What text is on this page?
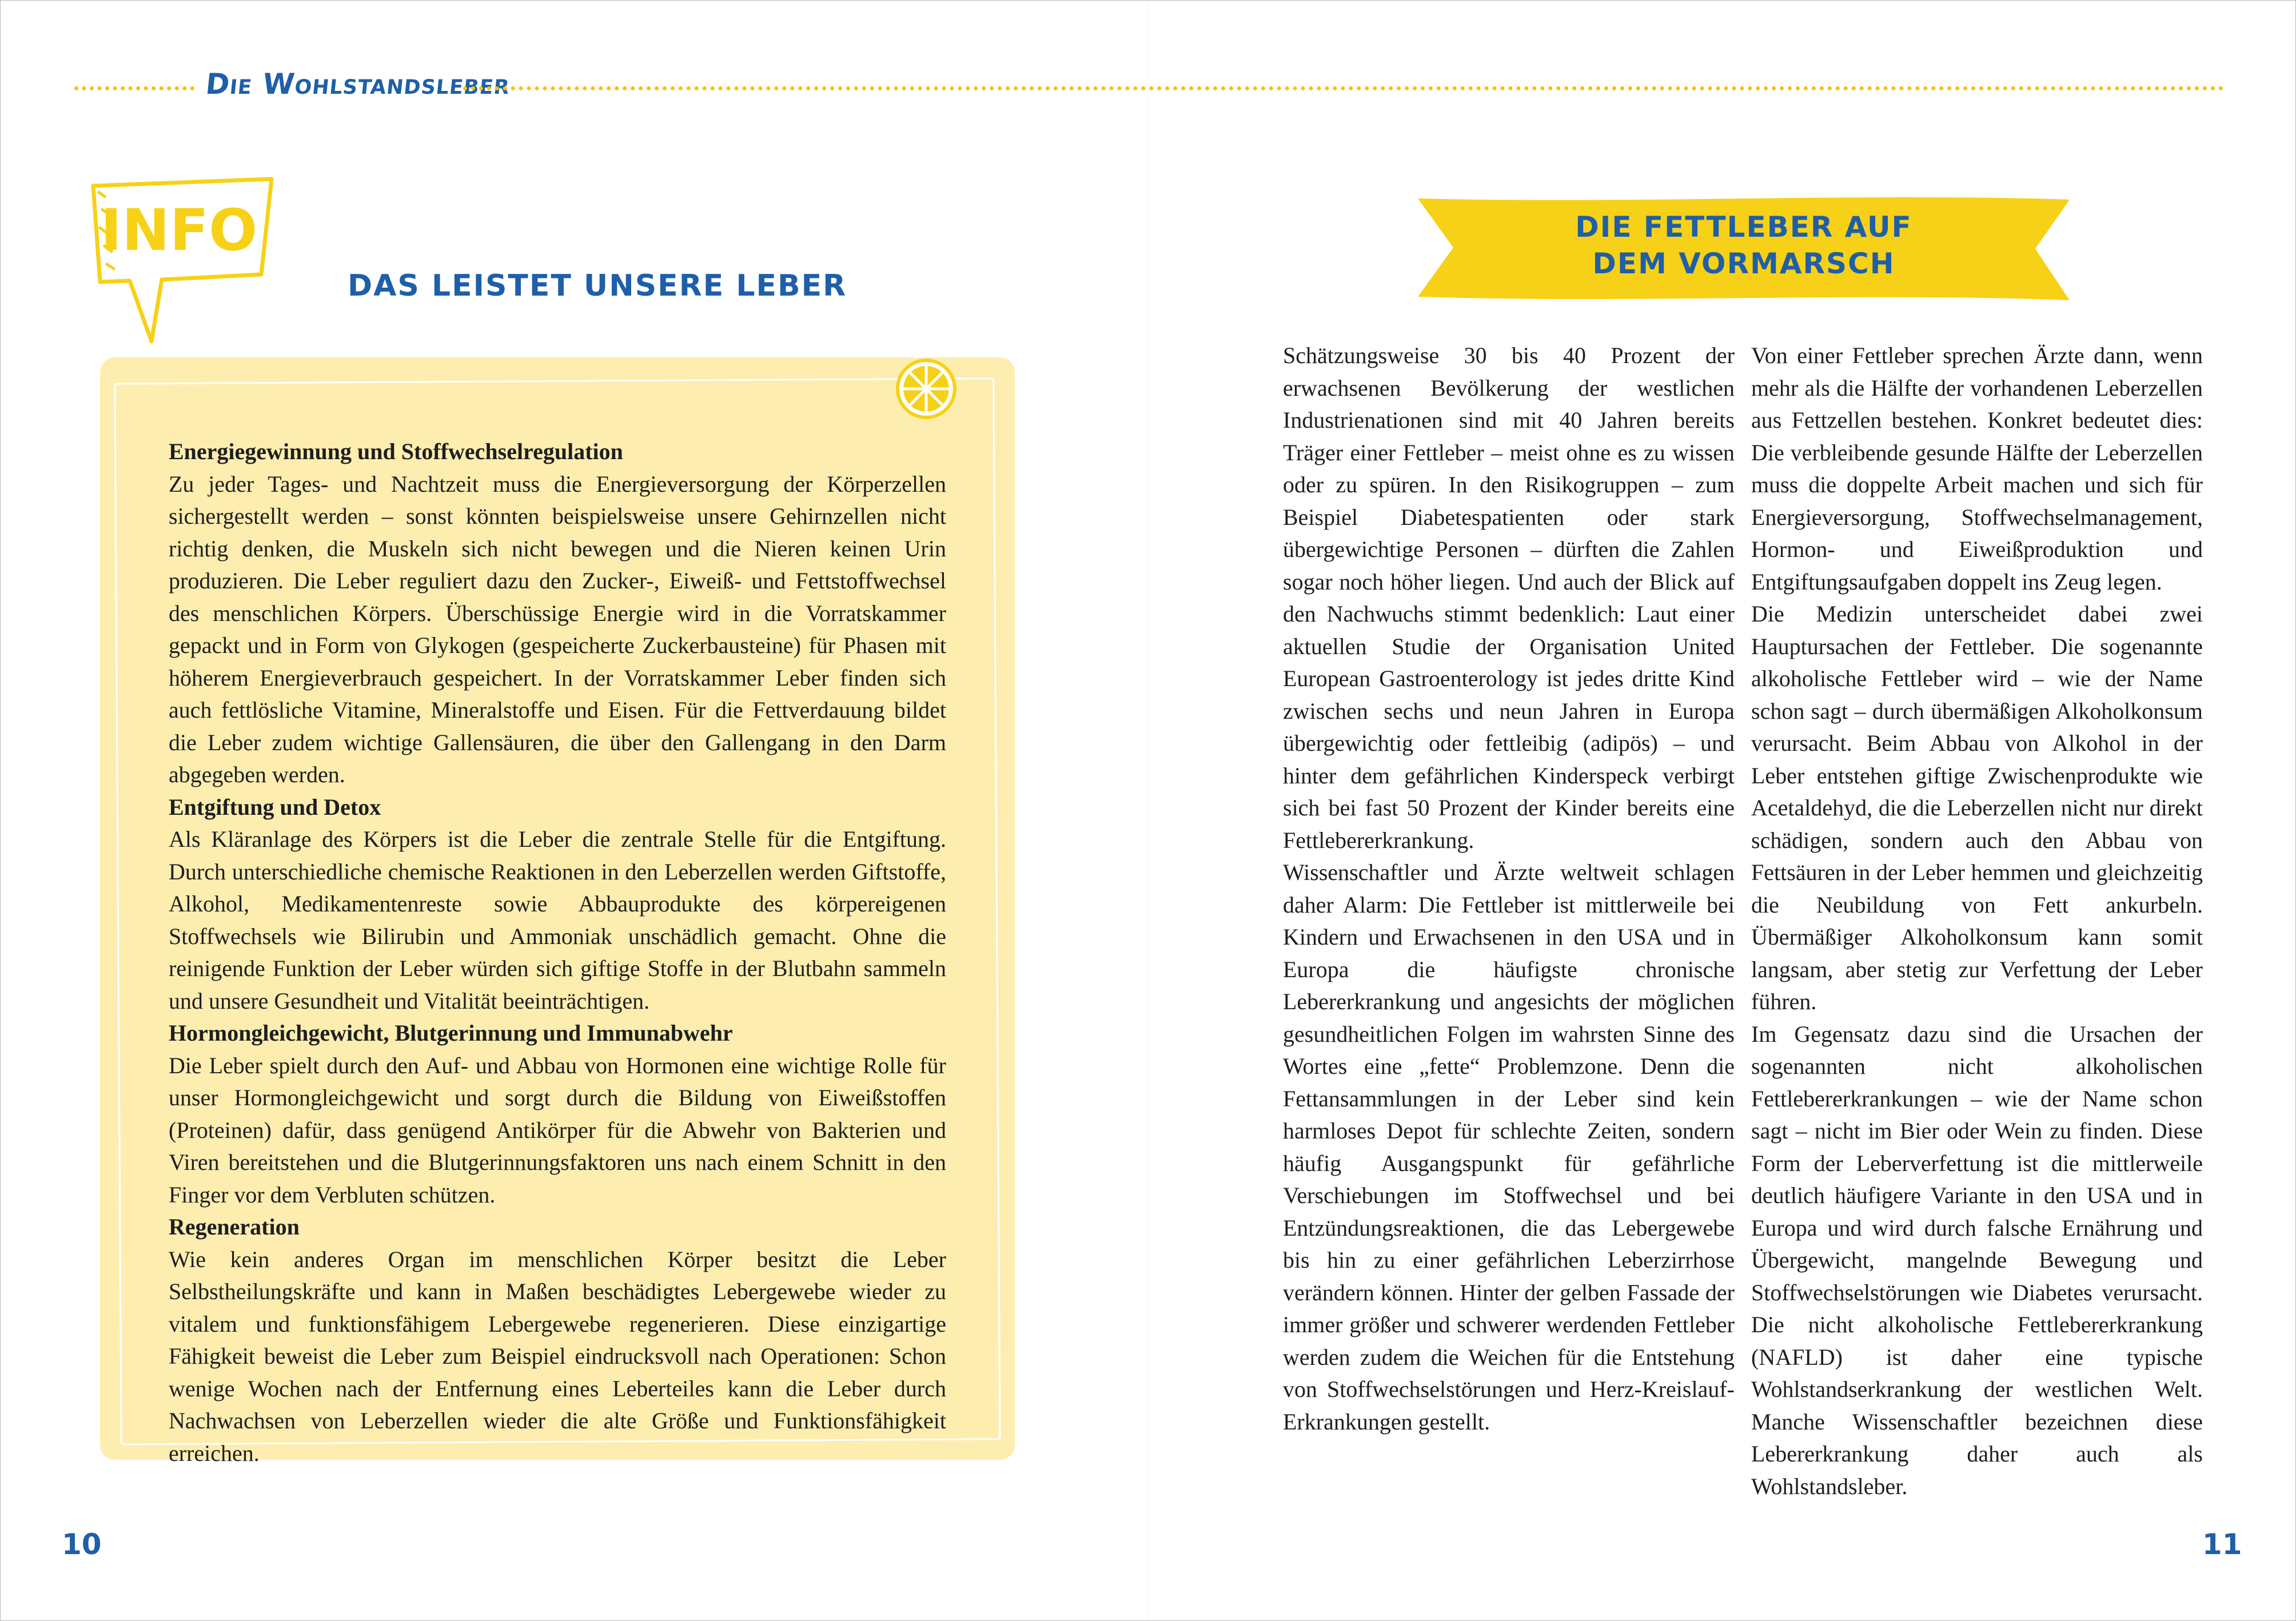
Die Wohlstandsleber
INFO
DAS LEISTET UNSERE LEBER

Energiegewinnung und Stoffwechselregulation

Zu jeder Tages- und Nachtzeit muss die Energieversorgung der Körperzellen sichergestellt werden – sonst könnten beispielsweise unsere Gehirnzellen nicht richtig denken, die Muskeln sich nicht bewegen und die Nieren keinen Urin produzieren. Die Leber reguliert dazu den Zucker-, Eiweiß- und Fettstoffwechsel des menschlichen Körpers. Überschüssige Energie wird in die Vorratskammer gepackt und in Form von Glykogen (gespeicherte Zuckerbausteine) für Phasen mit höherem Energieverbrauch gespeichert. In der Vorratskammer Leber finden sich auch fettlösliche Vitamine, Mineralstoffe und Eisen. Für die Fettverdauung bildet die Leber zudem wichtige Gallensäuren, die über den Gallengang in den Darm abgegeben werden.

Entgiftung und Detox

Als Kläranlage des Körpers ist die Leber die zentrale Stelle für die Entgiftung. Durch unterschiedliche chemische Reaktionen in den Leberzellen werden Giftstoffe, Alkohol, Medikamentenreste sowie Abbauprodukte des körpereigenen Stoffwechsels wie Bilirubin und Ammoniak unschädlich gemacht. Ohne die reinigende Funktion der Leber würden sich giftige Stoffe in der Blutbahn sammeln und unsere Gesundheit und Vitalität beeinträchtigen.

Hormongleichgewicht, Blutgerinnung und Immunabwehr

Die Leber spielt durch den Auf- und Abbau von Hormonen eine wichtige Rolle für unser Hormongleichgewicht und sorgt durch die Bildung von Eiweißstoffen (Proteinen) dafür, dass genügend Antikörper für die Abwehr von Bakterien und Viren bereitstehen und die Blutgerinnungsfaktoren uns nach einem Schnitt in den Finger vor dem Verbluten schützen.

Regeneration

Wie kein anderes Organ im menschlichen Körper besitzt die Leber Selbstheilungskräfte und kann in Maßen beschädigtes Lebergewebe wieder zu vitalem und funktionsfähigem Lebergewebe regenerieren. Diese einzigartige Fähigkeit beweist die Leber zum Beispiel eindrucksvoll nach Operationen: Schon wenige Wochen nach der Entfernung eines Leberteiles kann die Leber durch Nachwachsen von Leberzellen wieder die alte Größe und Funktionsfähigkeit erreichen.

DIE FETTLEBER AUF
DEM VORMARSCH

Schätzungsweise 30 bis 40 Prozent der erwachsenen Bevölkerung der westlichen Industrienationen sind mit 40 Jahren bereits Träger einer Fettleber – meist ohne es zu wissen oder zu spüren. In den Risikogruppen – zum Beispiel Diabetespatienten oder stark übergewichtige Personen – dürften die Zahlen sogar noch höher liegen. Und auch der Blick auf den Nachwuchs stimmt bedenklich: Laut einer aktuellen Studie der Organisation United European Gastroenterology ist jedes dritte Kind zwischen sechs und neun Jahren in Europa übergewichtig oder fettleibig (adipös) – und hinter dem gefährlichen Kinderspeck verbirgt sich bei fast 50 Prozent der Kinder bereits eine Fettlebererkrankung.

Wissenschaftler und Ärzte weltweit schlagen daher Alarm: Die Fettleber ist mittlerweile bei Kindern und Erwachsenen in den USA und in Europa die häufigste chronische Lebererkrankung und angesichts der möglichen gesundheitlichen Folgen im wahrsten Sinne des Wortes eine „fette“ Problemzone. Denn die Fettansammlungen in der Leber sind kein harmloses Depot für schlechte Zeiten, sondern häufig Ausgangspunkt für gefährliche Verschiebungen im Stoffwechsel und bei Entzündungsreaktionen, die das Lebergewebe bis hin zu einer gefährlichen Leberzirrhose verändern können. Hinter der gelben Fassade der immer größer und schwerer werdenden Fettleber werden zudem die Weichen für die Entstehung von Stoffwechselstörungen und Herz-Kreislauf-Erkrankungen gestellt.

Von einer Fettleber sprechen Ärzte dann, wenn mehr als die Hälfte der vorhandenen Leberzellen aus Fettzellen bestehen. Konkret bedeutet dies: Die verbleibende gesunde Hälfte der Leberzellen muss die doppelte Arbeit machen und sich für Energieversorgung, Stoffwechselmanagement, Hormon- und Eiweißproduktion und Entgiftungsaufgaben doppelt ins Zeug legen.

Die Medizin unterscheidet dabei zwei Hauptursachen der Fettleber. Die sogenannte alkoholische Fettleber wird – wie der Name schon sagt – durch übermäßigen Alkoholkonsum verursacht. Beim Abbau von Alkohol in der Leber entstehen giftige Zwischenprodukte wie Acetaldehyd, die die Leberzellen nicht nur direkt schädigen, sondern auch den Abbau von Fettsäuren in der Leber hemmen und gleichzeitig die Neubildung von Fett ankurbeln. Übermäßiger Alkoholkonsum kann somit langsam, aber stetig zur Verfettung der Leber führen.

Im Gegensatz dazu sind die Ursachen der sogenannten nicht alkoholischen Fettlebererkrankungen – wie der Name schon sagt – nicht im Bier oder Wein zu finden. Diese Form der Leberverfettung ist die mittlerweile deutlich häufigere Variante in den USA und in Europa und wird durch falsche Ernährung und Übergewicht, mangelnde Bewegung und Stoffwechselstörungen wie Diabetes verursacht. Die nicht alkoholische Fettlebererkrankung (NAFLD) ist daher eine typische Wohlstandserkrankung der westlichen Welt. Manche Wissenschaftler bezeichnen diese Lebererkrankung daher auch als Wohlstandsleber.

10	11
